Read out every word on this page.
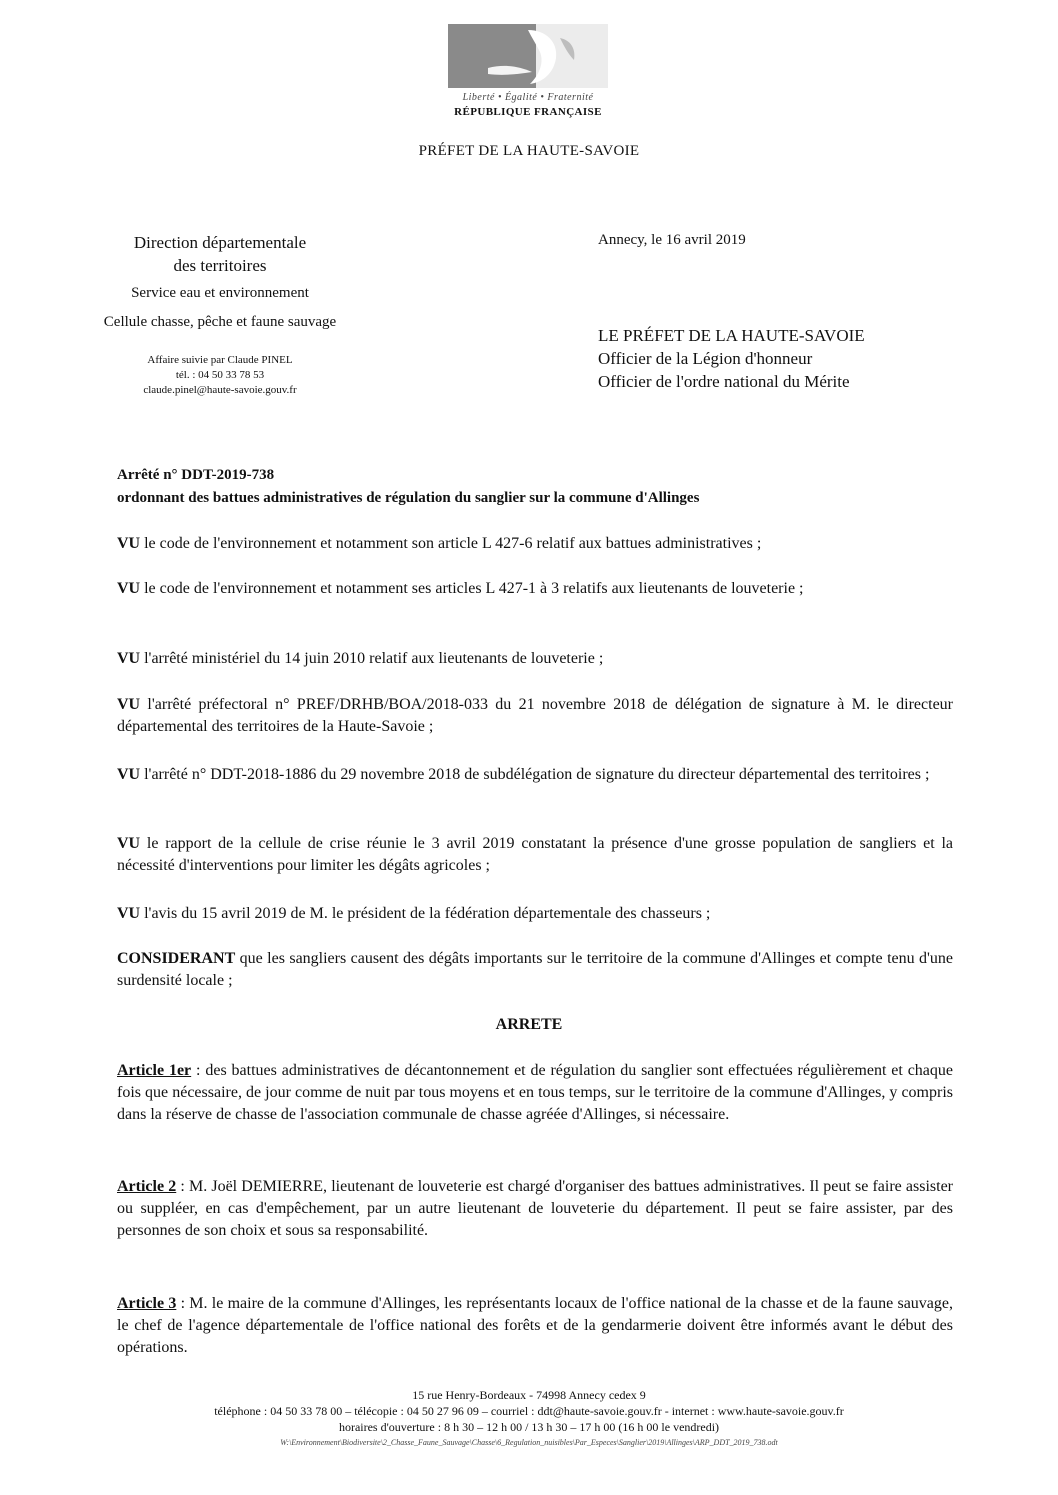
Liberté • Égalité • Fraternité
RÉPUBLIQUE FRANÇAISE
PRÉFET DE LA HAUTE-SAVOIE
Direction départementale
des territoires
Service eau et environnement
Cellule chasse, pêche et faune sauvage
Affaire suivie par Claude PINEL
tél. : 04 50 33 78 53
claude.pinel@haute-savoie.gouv.fr
Annecy, le 16 avril 2019
LE PRÉFET DE LA HAUTE-SAVOIE
Officier de la Légion d'honneur
Officier de l'ordre national du Mérite
Arrêté n° DDT-2019-738
ordonnant des battues administratives de régulation du sanglier sur la commune d'Allinges
VU le code de l'environnement et notamment son article L 427-6 relatif aux battues administratives ;
VU le code de l'environnement et notamment ses articles L 427-1 à 3 relatifs aux lieutenants de louveterie ;
VU l'arrêté ministériel du 14 juin 2010 relatif aux lieutenants de louveterie ;
VU l'arrêté préfectoral n° PREF/DRHB/BOA/2018-033 du 21 novembre 2018 de délégation de signature à M. le directeur départemental des territoires de la Haute-Savoie ;
VU l'arrêté n° DDT-2018-1886 du 29 novembre 2018 de subdélégation de signature du directeur départemental des territoires ;
VU le rapport de la cellule de crise réunie le 3 avril 2019 constatant la présence d'une grosse population de sangliers et la nécessité d'interventions pour limiter les dégâts agricoles ;
VU l'avis du 15 avril 2019 de M. le président de la fédération départementale des chasseurs ;
CONSIDERANT que les sangliers causent des dégâts importants sur le territoire de la commune d'Allinges et compte tenu d'une surdensité locale ;
ARRETE
Article 1er : des battues administratives de décantonnement et de régulation du sanglier sont effectuées régulièrement et chaque fois que nécessaire, de jour comme de nuit par tous moyens et en tous temps, sur le territoire de la commune d'Allinges, y compris dans la réserve de chasse de l'association communale de chasse agréée d'Allinges, si nécessaire.
Article 2 : M. Joël DEMIERRE, lieutenant de louveterie est chargé d'organiser des battues administratives. Il peut se faire assister ou suppléer, en cas d'empêchement, par un autre lieutenant de louveterie du département. Il peut se faire assister, par des personnes de son choix et sous sa responsabilité.
Article 3 : M. le maire de la commune d'Allinges, les représentants locaux de l'office national de la chasse et de la faune sauvage, le chef de l'agence départementale de l'office national des forêts et de la gendarmerie doivent être informés avant le début des opérations.
15 rue Henry-Bordeaux - 74998 Annecy cedex 9
téléphone : 04 50 33 78 00 – télécopie : 04 50 27 96 09 – courriel : ddt@haute-savoie.gouv.fr - internet : www.haute-savoie.gouv.fr
horaires d'ouverture : 8 h 30 – 12 h 00 / 13 h 30 – 17 h 00 (16 h 00 le vendredi)
W:\Environnement\Biodiversite\2_Chasse_Faune_Sauvage\Chasse\6_Regulation_nuisibles\Par_Especes\Sanglier\2019\Allinges\ARP_DDT_2019_738.odt
